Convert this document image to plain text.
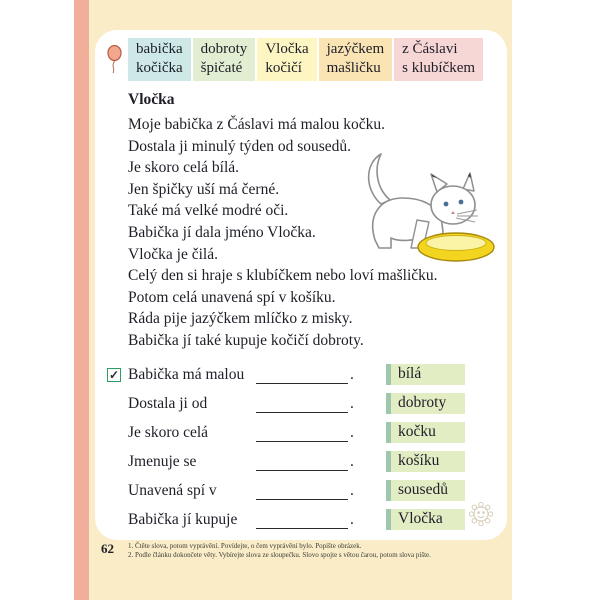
babička
kočička
dobroty
špičaté
Vločka
kočičí
jazýčkem
mašličku
z Čáslavi
s klubíčkem
Vločka
Moje babička z Čáslavi má malou kočku.
Dostala ji minulý týden od sousedů.
Je skoro celá bílá.
Jen špičky uší má černé.
Také má velké modré oči.
Babička jí dala jméno Vločka.
Vločka je čilá.
Celý den si hraje s klubíčkem nebo loví mašličku.
Potom celá unavená spí v košíku.
Ráda pije jazýčkem mlíčko z misky.
Babička jí také kupuje kočičí dobroty.
✓ Babička má malou	.	bílá
Dostala ji od	.	dobroty
Je skoro celá	.	kočku
Jmenuje se	.	košíku
Unavená spí v	.	sousedů
Babička jí kupuje	.	Vločka
62 1. Čtěte slova, potom vyprávění. Povídejte, o čem vyprávění bylo. Popište obrázek.
2. Podle článku dokončete věty. Vybírejte slova ze sloupečku. Slovo spojte s větou čarou, potom slova pište.
